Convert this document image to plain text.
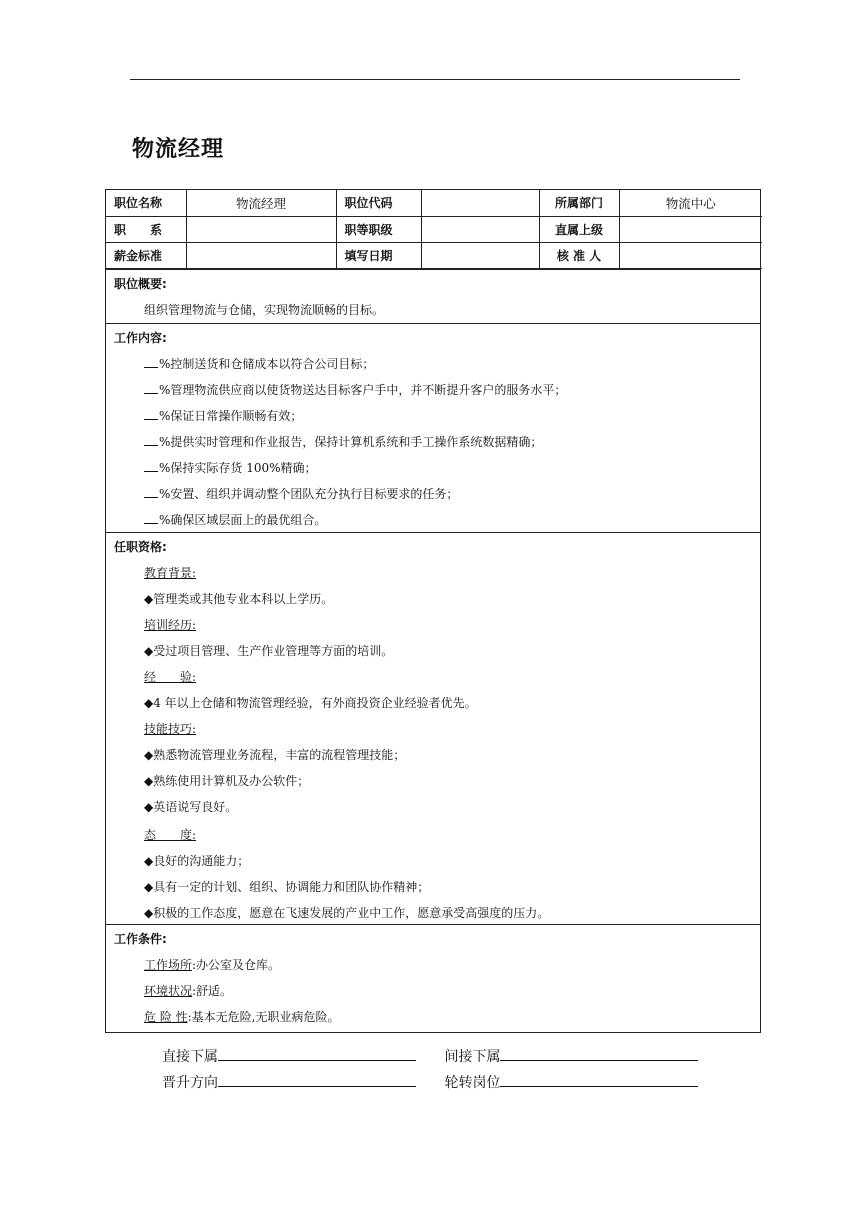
物流经理
职位名称	物流经理	职位代码		所属部门	物流中心
职　　系		职等职级		直属上级	
薪金标准		填写日期		核 准 人	
职位概要:
组织管理物流与仓储，实现物流顺畅的目标。
工作内容:
%控制送货和仓储成本以符合公司目标；
%管理物流供应商以使货物送达目标客户手中，并不断提升客户的服务水平；
%保证日常操作顺畅有效；
%提供实时管理和作业报告，保持计算机系统和手工操作系统数据精确；
%保持实际存货 100%精确；
%安置、组织并调动整个团队充分执行目标要求的任务；
%确保区域层面上的最优组合。
任职资格:
教育背景:
◆管理类或其他专业本科以上学历。
培训经历:
◆受过项目管理、生产作业管理等方面的培训。
经　　验:
◆4 年以上仓储和物流管理经验，有外商投资企业经验者优先。
技能技巧:
◆熟悉物流管理业务流程，丰富的流程管理技能；
◆熟练使用计算机及办公软件；
◆英语说写良好。
态　　度:
◆良好的沟通能力；
◆具有一定的计划、组织、协调能力和团队协作精神；
◆积极的工作态度，愿意在飞速发展的产业中工作，愿意承受高强度的压力。
工作条件:
工作场所:办公室及仓库。
环境状况:舒适。
危 险 性:基本无危险,无职业病危险。
直接下属	间接下属
晋升方向	轮转岗位
